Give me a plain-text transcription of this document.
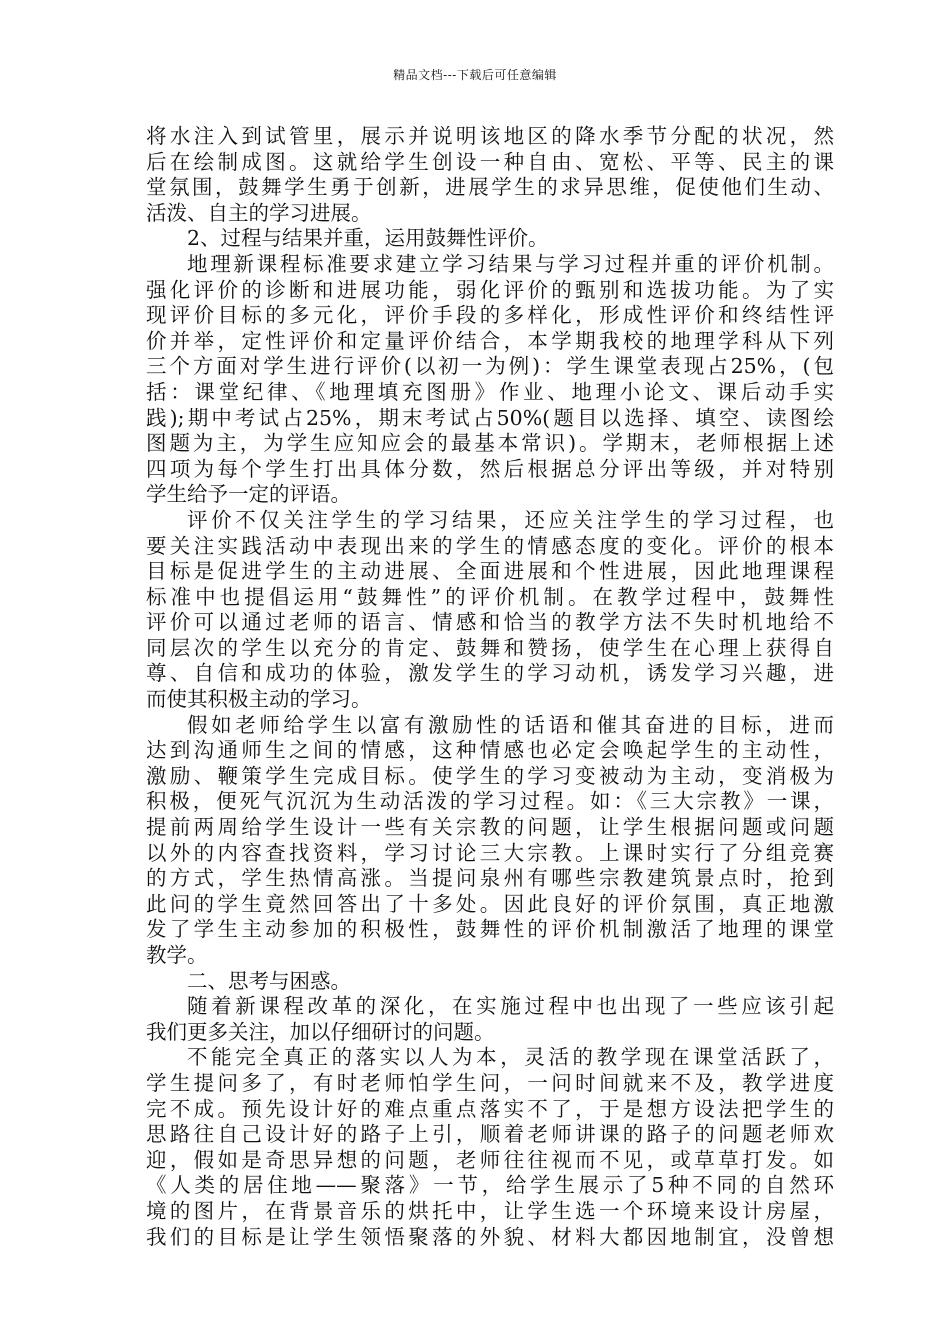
精品文档---下载后可任意编辑
将水注入到试管里，展示并说明该地区的降水季节分配的状况，然
后在绘制成图。这就给学生创设一种自由、宽松、平等、民主的课
堂氛围，鼓舞学生勇于创新，进展学生的求异思维，促使他们生动、
活泼、自主的学习进展。
2、过程与结果并重，运用鼓舞性评价。
地理新课程标准要求建立学习结果与学习过程并重的评价机制。
强化评价的诊断和进展功能，弱化评价的甄别和选拔功能。为了实
现评价目标的多元化，评价手段的多样化，形成性评价和终结性评
价并举，定性评价和定量评价结合，本学期我校的地理学科从下列
三个方面对学生进行评价(以初一为例)：学生课堂表现占25%，(包
括：课堂纪律、《地理填充图册》作业、地理小论文、课后动手实
践);期中考试占25%，期末考试占50%(题目以选择、填空、读图绘
图题为主，为学生应知应会的最基本常识)。学期末，老师根据上述
四项为每个学生打出具体分数，然后根据总分评出等级，并对特别
学生给予一定的评语。
评价不仅关注学生的学习结果，还应关注学生的学习过程，也
要关注实践活动中表现出来的学生的情感态度的变化。评价的根本
目标是促进学生的主动进展、全面进展和个性进展，因此地理课程
标准中也提倡运用“鼓舞性”的评价机制。在教学过程中，鼓舞性
评价可以通过老师的语言、情感和恰当的教学方法不失时机地给不
同层次的学生以充分的肯定、鼓舞和赞扬，使学生在心理上获得自
尊、自信和成功的体验，激发学生的学习动机，诱发学习兴趣，进
而使其积极主动的学习。
假如老师给学生以富有激励性的话语和催其奋进的目标，进而
达到沟通师生之间的情感，这种情感也必定会唤起学生的主动性，
激励、鞭策学生完成目标。使学生的学习变被动为主动，变消极为
积极，便死气沉沉为生动活泼的学习过程。如：《三大宗教》一课，
提前两周给学生设计一些有关宗教的问题，让学生根据问题或问题
以外的内容查找资料，学习讨论三大宗教。上课时实行了分组竞赛
的方式，学生热情高涨。当提问泉州有哪些宗教建筑景点时，抢到
此问的学生竟然回答出了十多处。因此良好的评价氛围，真正地激
发了学生主动参加的积极性，鼓舞性的评价机制激活了地理的课堂
教学。
二、思考与困惑。
随着新课程改革的深化，在实施过程中也出现了一些应该引起
我们更多关注，加以仔细研讨的问题。
不能完全真正的落实以人为本，灵活的教学现在课堂活跃了，
学生提问多了，有时老师怕学生问，一问时间就来不及，教学进度
完不成。预先设计好的难点重点落实不了，于是想方设法把学生的
思路往自己设计好的路子上引，顺着老师讲课的路子的问题老师欢
迎，假如是奇思异想的问题，老师往往视而不见，或草草打发。如
《人类的居住地——聚落》一节，给学生展示了5种不同的自然环
境的图片，在背景音乐的烘托中，让学生选一个环境来设计房屋，
我们的目标是让学生领悟聚落的外貌、材料大都因地制宜，没曾想
